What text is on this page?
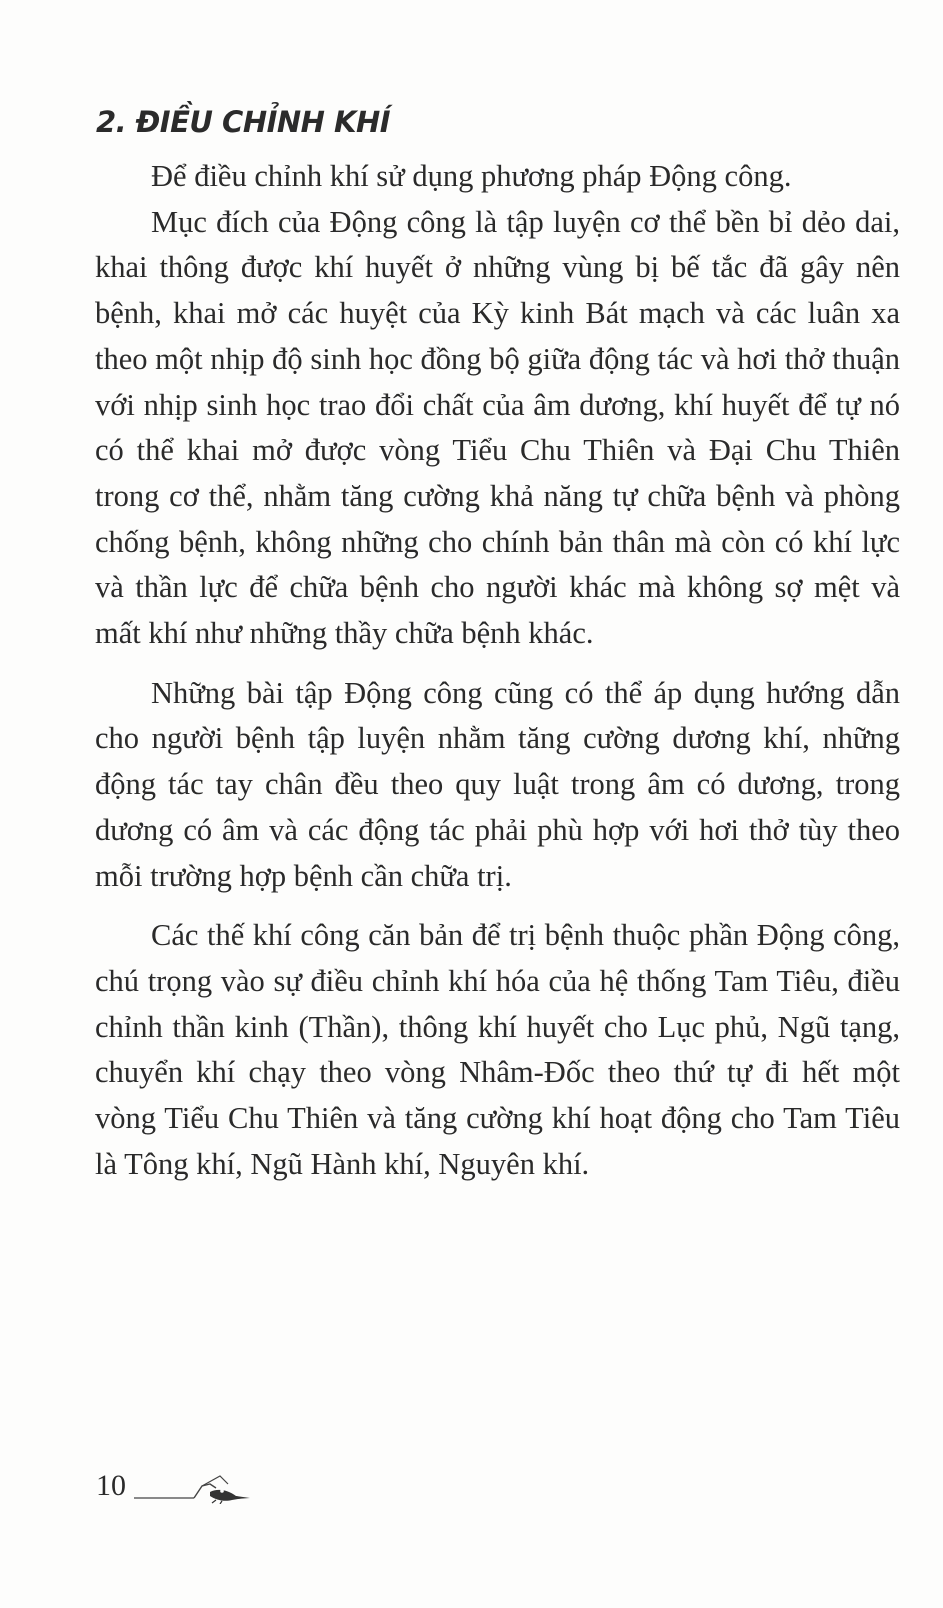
2. ĐIỀU CHỈNH KHÍ

Để điều chỉnh khí sử dụng phương pháp Động công.

Mục đích của Động công là tập luyện cơ thể bền bỉ dẻo dai, khai thông được khí huyết ở những vùng bị bế tắc đã gây nên bệnh, khai mở các huyệt của Kỳ kinh Bát mạch và các luân xa theo một nhịp độ sinh học đồng bộ giữa động tác và hơi thở thuận với nhịp sinh học trao đổi chất của âm dương, khí huyết để tự nó có thể khai mở được vòng Tiểu Chu Thiên và Đại Chu Thiên trong cơ thể, nhằm tăng cường khả năng tự chữa bệnh và phòng chống bệnh, không những cho chính bản thân mà còn có khí lực và thần lực để chữa bệnh cho người khác mà không sợ mệt và mất khí như những thầy chữa bệnh khác.

Những bài tập Động công cũng có thể áp dụng hướng dẫn cho người bệnh tập luyện nhằm tăng cường dương khí, những động tác tay chân đều theo quy luật trong âm có dương, trong dương có âm và các động tác phải phù hợp với hơi thở tùy theo mỗi trường hợp bệnh cần chữa trị.

Các thế khí công căn bản để trị bệnh thuộc phần Động công, chú trọng vào sự điều chỉnh khí hóa của hệ thống Tam Tiêu, điều chỉnh thần kinh (Thần), thông khí huyết cho Lục phủ, Ngũ tạng, chuyển khí chạy theo vòng Nhâm-Đốc theo thứ tự đi hết một vòng Tiểu Chu Thiên và tăng cường khí hoạt động cho Tam Tiêu là Tông khí, Ngũ Hành khí, Nguyên khí.

10
